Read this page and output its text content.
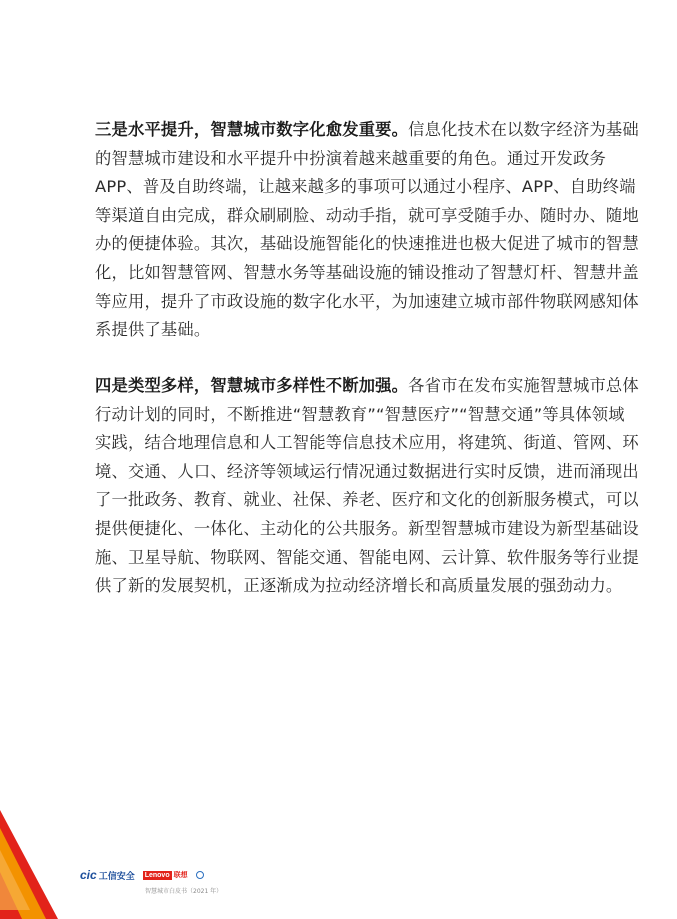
三是水平提升，智慧城市数字化愈发重要。信息化技术在以数字经济为基础的智慧城市建设和水平提升中扮演着越来越重要的角色。通过开发政务 APP、普及自助终端，让越来越多的事项可以通过小程序、APP、自助终端等渠道自由完成，群众刷刷脸、动动手指，就可享受随手办、随时办、随地办的便捷体验。其次，基础设施智能化的快速推进也极大促进了城市的智慧化，比如智慧管网、智慧水务等基础设施的铺设推动了智慧灯杆、智慧井盖等应用，提升了市政设施的数字化水平，为加速建立城市部件物联网感知体系提供了基础。

四是类型多样，智慧城市多样性不断加强。各省市在发布实施智慧城市总体行动计划的同时，不断推进“智慧教育”“智慧医疗”“智慧交通”等具体领域实践，结合地理信息和人工智能等信息技术应用，将建筑、街道、管网、环境、交通、人口、经济等领域运行情况通过数据进行实时反馈，进而涌现出了一批政务、教育、就业、社保、养老、医疗和文化的创新服务模式，可以提供便捷化、一体化、主动化的公共服务。新型智慧城市建设为新型基础设施、卫星导航、物联网、智能交通、智能电网、云计算、软件服务等行业提供了新的发展契机，正逐渐成为拉动经济增长和高质量发展的强劲动力。

8
cic 工信安全 Lenovo 联想
智慧城市白皮书（2021 年）
